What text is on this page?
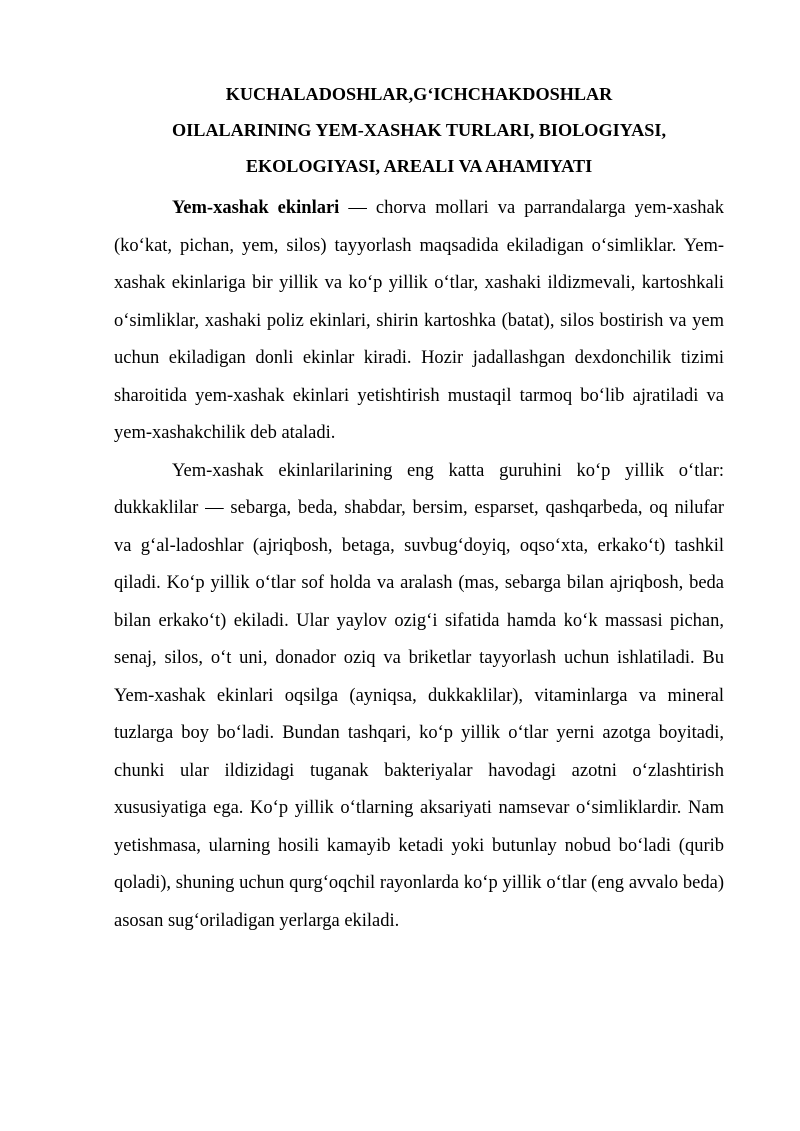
KUCHALADOSHLAR,G‘ICHCHAKDOSHLAR
OILALARINING YEM-XASHAK TURLARI, BIOLOGIYASI,
EKOLOGIYASI, AREALI VA AHAMIYATI

Yem-xashak ekinlari — chorva mollari va parrandalarga yem-xashak (ko‘kat, pichan, yem, silos) tayyorlash maqsadida ekiladigan o‘simliklar. Yem-xashak ekinlariga bir yillik va ko‘p yillik o‘tlar, xashaki ildizmevali, kartoshkali o‘simliklar, xashaki poliz ekinlari, shirin kartoshka (batat), silos bostirish va yem uchun ekiladigan donli ekinlar kiradi. Hozir jadallashgan dexdonchilik tizimi sharoitida yem-xashak ekinlari yetishtirish mustaqil tarmoq bo‘lib ajratiladi va yem-xashakchilik deb ataladi.

Yem-xashak ekinlarilarining eng katta guruhini ko‘p yillik o‘tlar: dukkaklilar — sebarga, beda, shabdar, bersim, esparset, qashqarbeda, oq nilufar va g‘al-ladoshlar (ajriqbosh, betaga, suvbug‘doyiq, oqso‘xta, erkako‘t) tashkil qiladi. Ko‘p yillik o‘tlar sof holda va aralash (mas, sebarga bilan ajriqbosh, beda bilan erkako‘t) ekiladi. Ular yaylov ozig‘i sifatida hamda ko‘k massasi pichan, senaj, silos, o‘t uni, donador oziq va briketlar tayyorlash uchun ishlatiladi. Bu Yem-xashak ekinlari oqsilga (ayniqsa, dukkaklilar), vitaminlarga va mineral tuzlarga boy bo‘ladi. Bundan tashqari, ko‘p yillik o‘tlar yerni azotga boyitadi, chunki ular ildizidagi tuganak bakteriyalar havodagi azotni o‘zlashtirish xususiyatiga ega. Ko‘p yillik o‘tlarning aksariyati namsevar o‘simliklardir. Nam yetishmasa, ularning hosili kamayib ketadi yoki butunlay nobud bo‘ladi (qurib qoladi), shuning uchun qurg‘oqchil rayonlarda ko‘p yillik o‘tlar (eng avvalo beda) asosan sug‘oriladigan yerlarga ekiladi.
